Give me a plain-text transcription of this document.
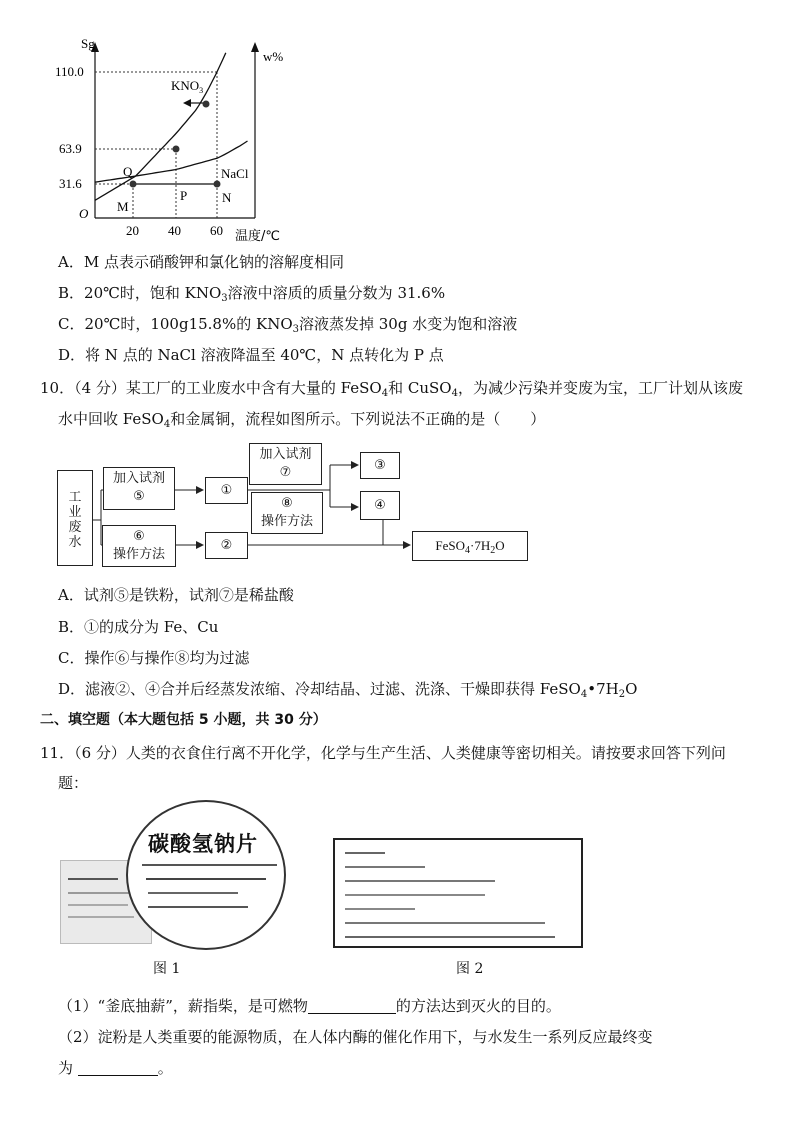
Sg
w%
O
110.0
63.9
31.6
20 40 60 温度/℃
$KNO_3$
NaCl
Q
M
P	N
A．M 点表示硝酸钾和氯化钠的溶解度相同
B．20℃时，饱和 $KNO_3$溶液中溶质的质量分数为 31.6%
C．20℃时，100g15.8%的 $KNO_3$溶液蒸发掉 30g 水变为饱和溶液
D．将 N 点的 NaCl 溶液降温至 40℃，N 点转化为 P 点
10．（4 分）某工厂的工业废水中含有大量的 FeSO$_4$和 CuSO$_4$，为减少污染并变废为宝，工厂计划从该废
水中回收 FeSO$_4$和金属铜，流程如图所示。下列说法不正确的是（　　）
工业废水
加入试剂
⑤	①
加入试剂
⑦	③
⑧
操作方法
④
⑥
操作方法
②	$FeSO_4\cdot 7H_2O$
A．试剂⑤是铁粉，试剂⑦是稀盐酸
B．①的成分为 Fe、Cu
C．操作⑥与操作⑧均为过滤
D．滤液②、④合并后经蒸发浓缩、冷却结晶、过滤、洗涤、干燥即获得 $FeSO_4•7H_2O$
二、填空题（本大题包括 5 小题，共 30 分）
11．（6 分）人类的衣食住行离不开化学，化学与生产生活、人类健康等密切相关。请按要求回答下列问
题：
碳酸氢钠片
图 1	图 2
（1）“釜底抽薪”，薪指柴，是可燃物	的方法达到灭火的目的。
（2）淀粉是人类重要的能源物质，在人体内酶的催化作用下，与水发生一系列反应最终变
为	。
